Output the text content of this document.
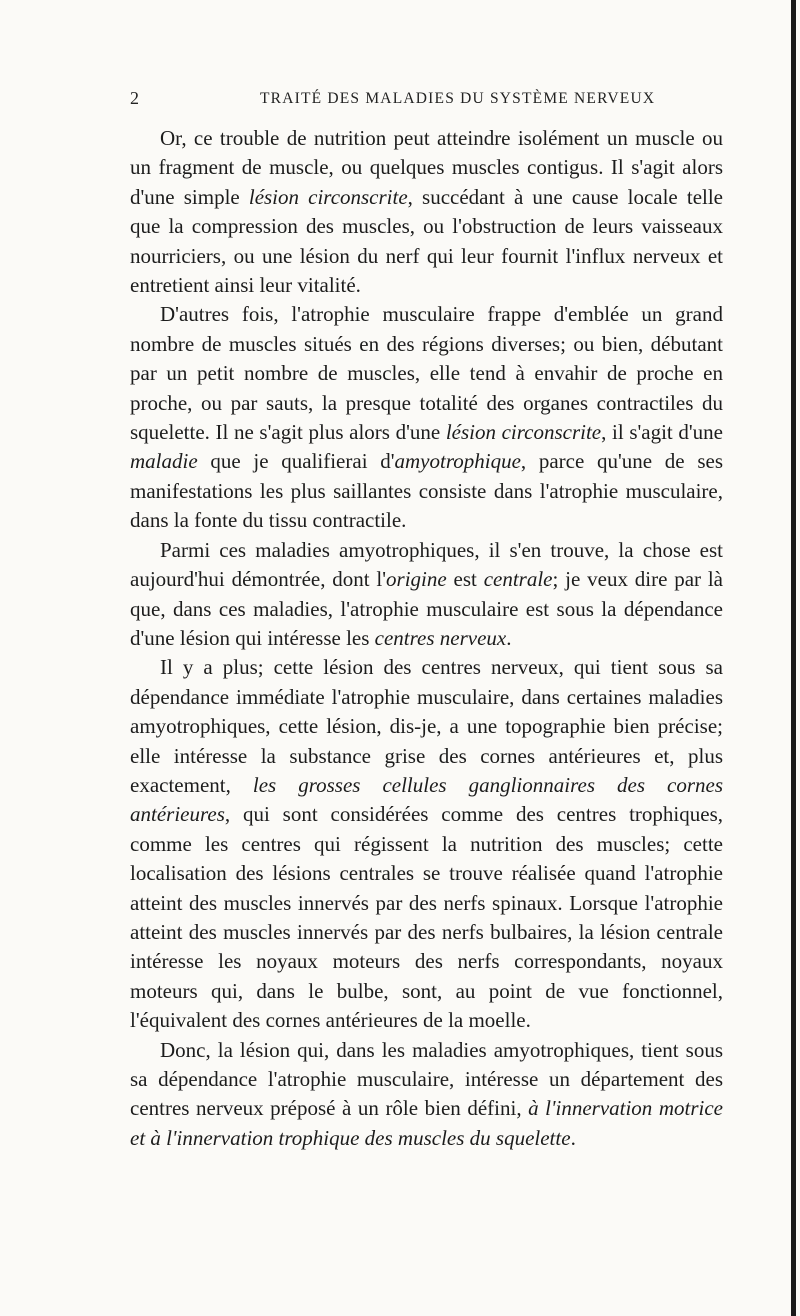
2	TRAITÉ DES MALADIES DU SYSTÈME NERVEUX

Or, ce trouble de nutrition peut atteindre isolément un muscle ou un fragment de muscle, ou quelques muscles contigus. Il s'agit alors d'une simple lésion circonscrite, succédant à une cause locale telle que la compression des muscles, ou l'obstruction de leurs vaisseaux nourriciers, ou une lésion du nerf qui leur fournit l'influx nerveux et entretient ainsi leur vitalité.

D'autres fois, l'atrophie musculaire frappe d'emblée un grand nombre de muscles situés en des régions diverses; ou bien, débutant par un petit nombre de muscles, elle tend à envahir de proche en proche, ou par sauts, la presque totalité des organes contractiles du squelette. Il ne s'agit plus alors d'une lésion circonscrite, il s'agit d'une maladie que je qualifierai d'amyotrophique, parce qu'une de ses manifestations les plus saillantes consiste dans l'atrophie musculaire, dans la fonte du tissu contractile.

Parmi ces maladies amyotrophiques, il s'en trouve, la chose est aujourd'hui démontrée, dont l'origine est centrale; je veux dire par là que, dans ces maladies, l'atrophie musculaire est sous la dépendance d'une lésion qui intéresse les centres nerveux.

Il y a plus; cette lésion des centres nerveux, qui tient sous sa dépendance immédiate l'atrophie musculaire, dans certaines maladies amyotrophiques, cette lésion, dis-je, a une topographie bien précise; elle intéresse la substance grise des cornes antérieures et, plus exactement, les grosses cellules ganglionnaires des cornes antérieures, qui sont considérées comme des centres trophiques, comme les centres qui régissent la nutrition des muscles; cette localisation des lésions centrales se trouve réalisée quand l'atrophie atteint des muscles innervés par des nerfs spinaux. Lorsque l'atrophie atteint des muscles innervés par des nerfs bulbaires, la lésion centrale intéresse les noyaux moteurs des nerfs correspondants, noyaux moteurs qui, dans le bulbe, sont, au point de vue fonctionnel, l'équivalent des cornes antérieures de la moelle.

Donc, la lésion qui, dans les maladies amyotrophiques, tient sous sa dépendance l'atrophie musculaire, intéresse un département des centres nerveux préposé à un rôle bien défini, à l'innervation motrice et à l'innervation trophique des muscles du squelette.
